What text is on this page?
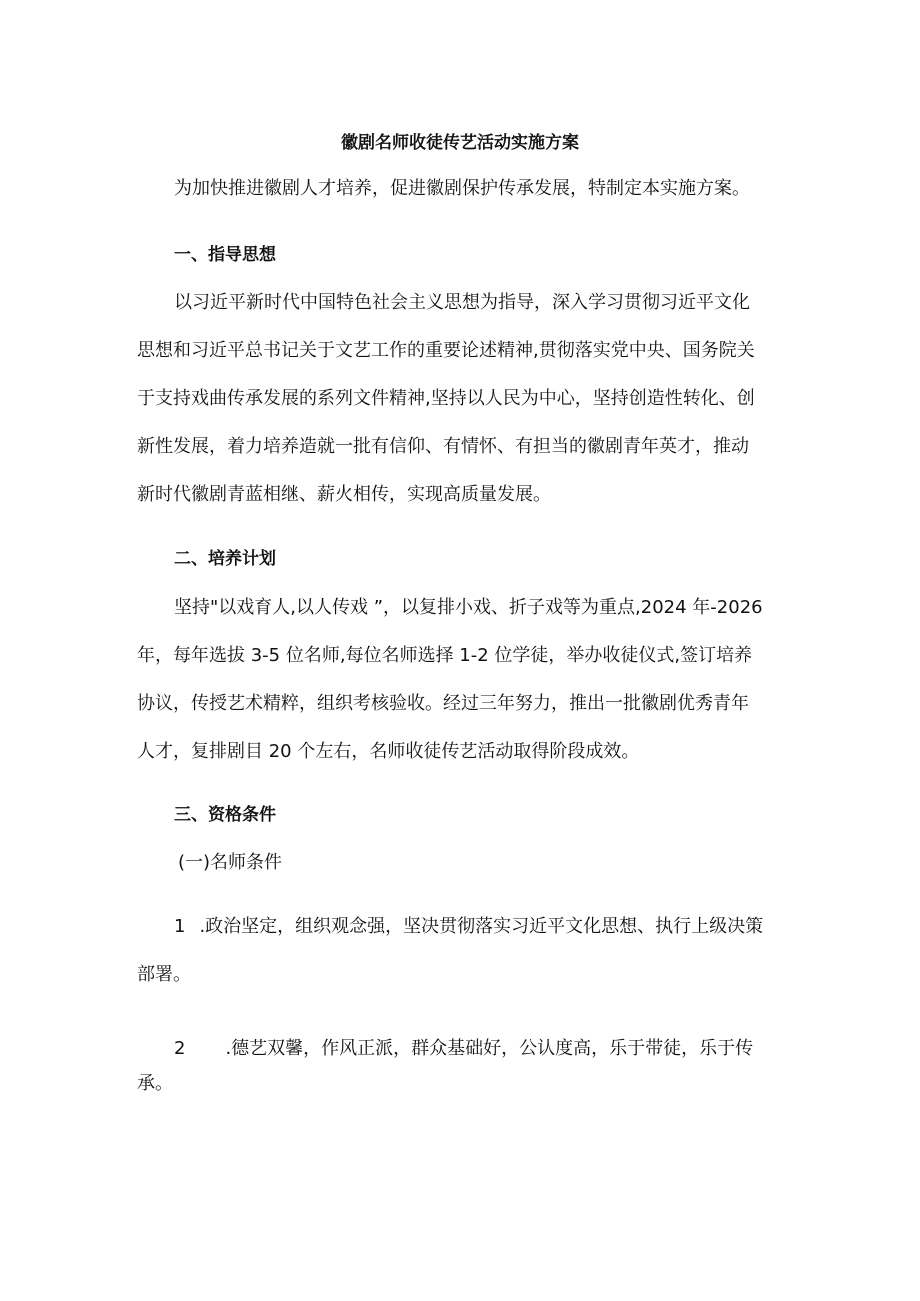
徽剧名师收徒传艺活动实施方案

为加快推进徽剧人才培养，促进徽剧保护传承发展，特制定本实施方案。

一、指导思想

以习近平新时代中国特色社会主义思想为指导，深入学习贯彻习近平文化

思想和习近平总书记关于文艺工作的重要论述精神,贯彻落实党中央、国务院关

于支持戏曲传承发展的系列文件精神,坚持以人民为中心，坚持创造性转化、创

新性发展，着力培养造就一批有信仰、有情怀、有担当的徽剧青年英才，推动

新时代徽剧青蓝相继、薪火相传，实现高质量发展。

二、培养计划

坚持"以戏育人,以人传戏 ”，以复排小戏、折子戏等为重点,2024 年-2026

年，每年选拔 3-5 位名师,每位名师选择 1-2 位学徒，举办收徒仪式,签订培养

协议，传授艺术精粹，组织考核验收。经过三年努力，推出一批徽剧优秀青年

人才，复排剧目 20 个左右，名师收徒传艺活动取得阶段成效。

三、资格条件

(一)名师条件

1 .政治坚定，组织观念强，坚决贯彻落实习近平文化思想、执行上级决策

部署。

2 .德艺双馨，作风正派，群众基础好，公认度高，乐于带徒，乐于传

承。
